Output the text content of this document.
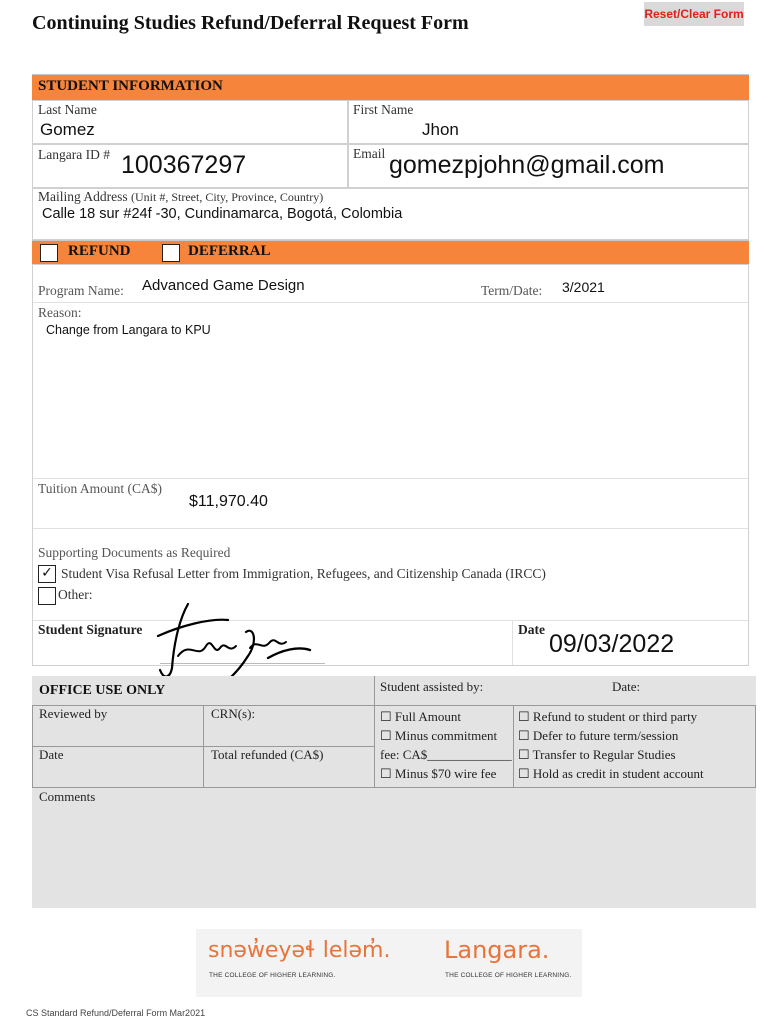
Continuing Studies Refund/Deferral Request Form	Reset/Clear Form
STUDENT INFORMATION
Last Name
Gomez
First Name
Jhon
Langara ID # 100367297	Email gomezpjohn@gmail.com
Mailing Address (Unit #, Street, City, Province, Country)
Calle 18 sur #24f -30, Cundinamarca, Bogotá, Colombia
REFUND	DEFERRAL
Program Name: Advanced Game Design	Term/Date: 3/2021
Reason:
Change from Langara to KPU
Tuition Amount (CA$)
$11,970.40
Supporting Documents as Required
✓ Student Visa Refusal Letter from Immigration, Refugees, and Citizenship Canada (IRCC)
Other:
Student Signature	Date
09/03/2022
OFFICE USE ONLY	Student assisted by:	Date:
Reviewed by	CRN(s):
Date	Total refunded (CA$)
☐ Full Amount
☐ Minus commitment
fee: CA$_____________
☐ Minus $70 wire fee
☐ Refund to student or third party
☐ Defer to future term/session
☐ Transfer to Regular Studies
☐ Hold as credit in student account
Comments
snəw̓eyəɬ leləm̓.
THE COLLEGE OF HIGHER LEARNING.
Langara.
THE COLLEGE OF HIGHER LEARNING.
CS Standard Refund/Deferral Form Mar2021
